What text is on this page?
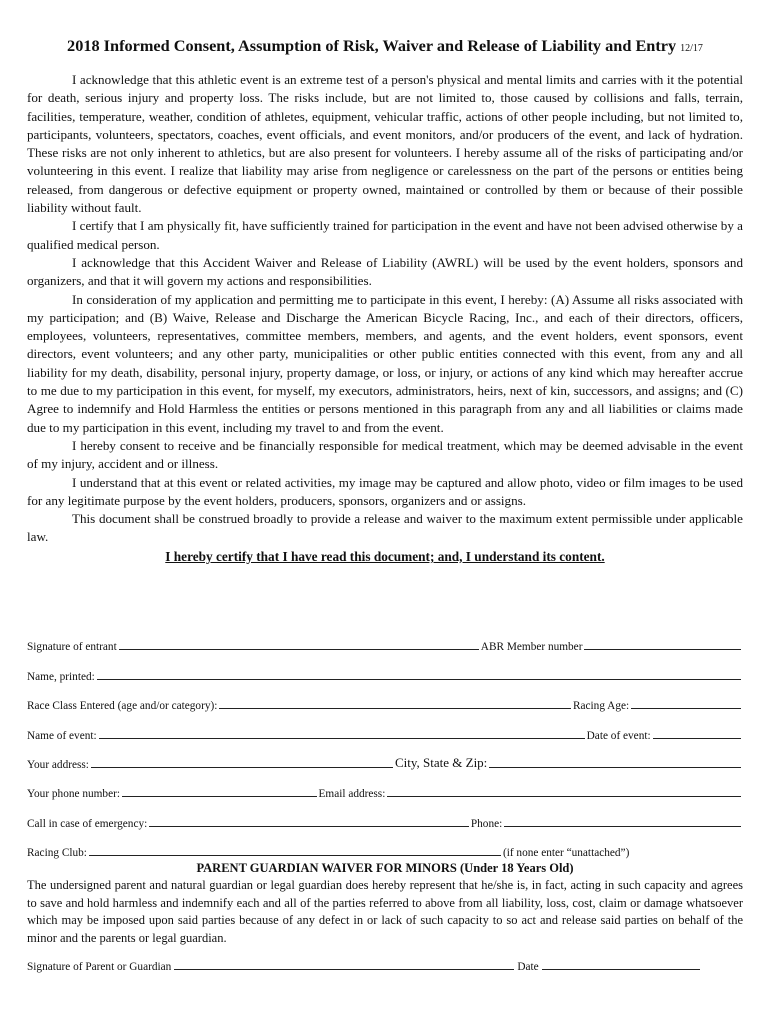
2018 Informed Consent, Assumption of Risk, Waiver and Release of Liability and Entry 12/17

I acknowledge that this athletic event is an extreme test of a person's physical and mental limits and carries with it the potential for death, serious injury and property loss. The risks include, but are not limited to, those caused by collisions and falls, terrain, facilities, temperature, weather, condition of athletes, equipment, vehicular traffic, actions of other people including, but not limited to, participants, volunteers, spectators, coaches, event officials, and event monitors, and/or producers of the event, and lack of hydration. These risks are not only inherent to athletics, but are also present for volunteers. I hereby assume all of the risks of participating and/or volunteering in this event. I realize that liability may arise from negligence or carelessness on the part of the persons or entities being released, from dangerous or defective equipment or property owned, maintained or controlled by them or because of their possible liability without fault.

I certify that I am physically fit, have sufficiently trained for participation in the event and have not been advised otherwise by a qualified medical person.

I acknowledge that this Accident Waiver and Release of Liability (AWRL) will be used by the event holders, sponsors and organizers, and that it will govern my actions and responsibilities.

In consideration of my application and permitting me to participate in this event, I hereby: (A) Assume all risks associated with my participation; and (B) Waive, Release and Discharge the American Bicycle Racing, Inc., and each of their directors, officers, employees, volunteers, representatives, committee members, members, and agents, and the event holders, event sponsors, event directors, event volunteers; and any other party, municipalities or other public entities connected with this event, from any and all liability for my death, disability, personal injury, property damage, or loss, or injury, or actions of any kind which may hereafter accrue to me due to my participation in this event, for myself, my executors, administrators, heirs, next of kin, successors, and assigns; and (C) Agree to indemnify and Hold Harmless the entities or persons mentioned in this paragraph from any and all liabilities or claims made due to my participation in this event, including my travel to and from the event.

I hereby consent to receive and be financially responsible for medical treatment, which may be deemed advisable in the event of my injury, accident and or illness.

I understand that at this event or related activities, my image may be captured and allow photo, video or film images to be used for any legitimate purpose by the event holders, producers, sponsors, organizers and or assigns.

This document shall be construed broadly to provide a release and waiver to the maximum extent permissible under applicable law.

I hereby certify that I have read this document; and, I understand its content.
Signature of entrant	ABR Member number
Name, printed:
Race Class Entered (age and/or category):	Racing Age:
Name of event:	Date of event:
Your address:	City, State & Zip:
Your phone number:	Email address:
Call in case of emergency:	Phone:
Racing Club:	(if none enter “unattached”)
PARENT GUARDIAN WAIVER FOR MINORS (Under 18 Years Old)
The undersigned parent and natural guardian or legal guardian does hereby represent that he/she is, in fact, acting in such capacity and agrees to save and hold harmless and indemnify each and all of the parties referred to above from all liability, loss, cost, claim or damage whatsoever which may be imposed upon said parties because of any defect in or lack of such capacity to so act and release said parties on behalf of the minor and the parents or legal guardian.
Signature of Parent or Guardian	Date
